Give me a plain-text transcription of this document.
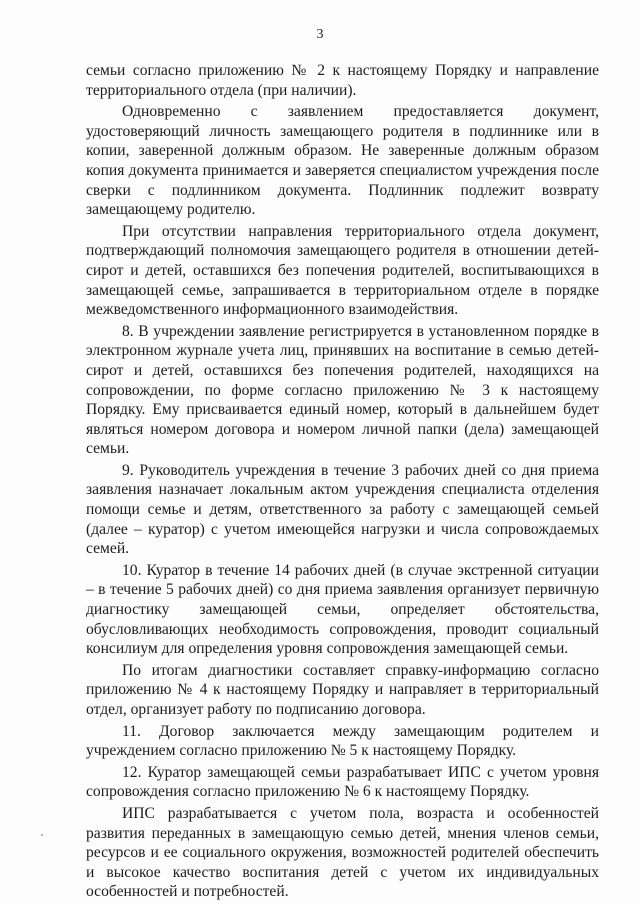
3

семьи согласно приложению № 2 к настоящему Порядку и направление территориального отдела (при наличии).

Одновременно с заявлением предоставляется документ, удостоверяющий личность замещающего родителя в подлиннике или в копии, заверенной должным образом. Не заверенные должным образом копия документа принимается и заверяется специалистом учреждения после сверки с подлинником документа. Подлинник подлежит возврату замещающему родителю.

При отсутствии направления территориального отдела документ, подтверждающий полномочия замещающего родителя в отношении детей-сирот и детей, оставшихся без попечения родителей, воспитывающихся в замещающей семье, запрашивается в территориальном отделе в порядке межведомственного информационного взаимодействия.

8. В учреждении заявление регистрируется в установленном порядке в электронном журнале учета лиц, принявших на воспитание в семью детей-сирот и детей, оставшихся без попечения родителей, находящихся на сопровождении, по форме согласно приложению № 3 к настоящему Порядку. Ему присваивается единый номер, который в дальнейшем будет являться номером договора и номером личной папки (дела) замещающей семьи.

9. Руководитель учреждения в течение 3 рабочих дней со дня приема заявления назначает локальным актом учреждения специалиста отделения помощи семье и детям, ответственного за работу с замещающей семьей (далее – куратор) с учетом имеющейся нагрузки и числа сопровождаемых семей.

10. Куратор в течение 14 рабочих дней (в случае экстренной ситуации – в течение 5 рабочих дней) со дня приема заявления организует первичную диагностику замещающей семьи, определяет обстоятельства, обусловливающих необходимость сопровождения, проводит социальный консилиум для определения уровня сопровождения замещающей семьи.

По итогам диагностики составляет справку-информацию согласно приложению № 4 к настоящему Порядку и направляет в территориальный отдел, организует работу по подписанию договора.

11. Договор заключается между замещающим родителем и учреждением согласно приложению № 5 к настоящему Порядку.

12. Куратор замещающей семьи разрабатывает ИПС с учетом уровня сопровождения согласно приложению № 6 к настоящему Порядку.

ИПС разрабатывается с учетом пола, возраста и особенностей развития переданных в замещающую семью детей, мнения членов семьи, ресурсов и ее социального окружения, возможностей родителей обеспечить и высокое качество воспитания детей с учетом их индивидуальных особенностей и потребностей.
